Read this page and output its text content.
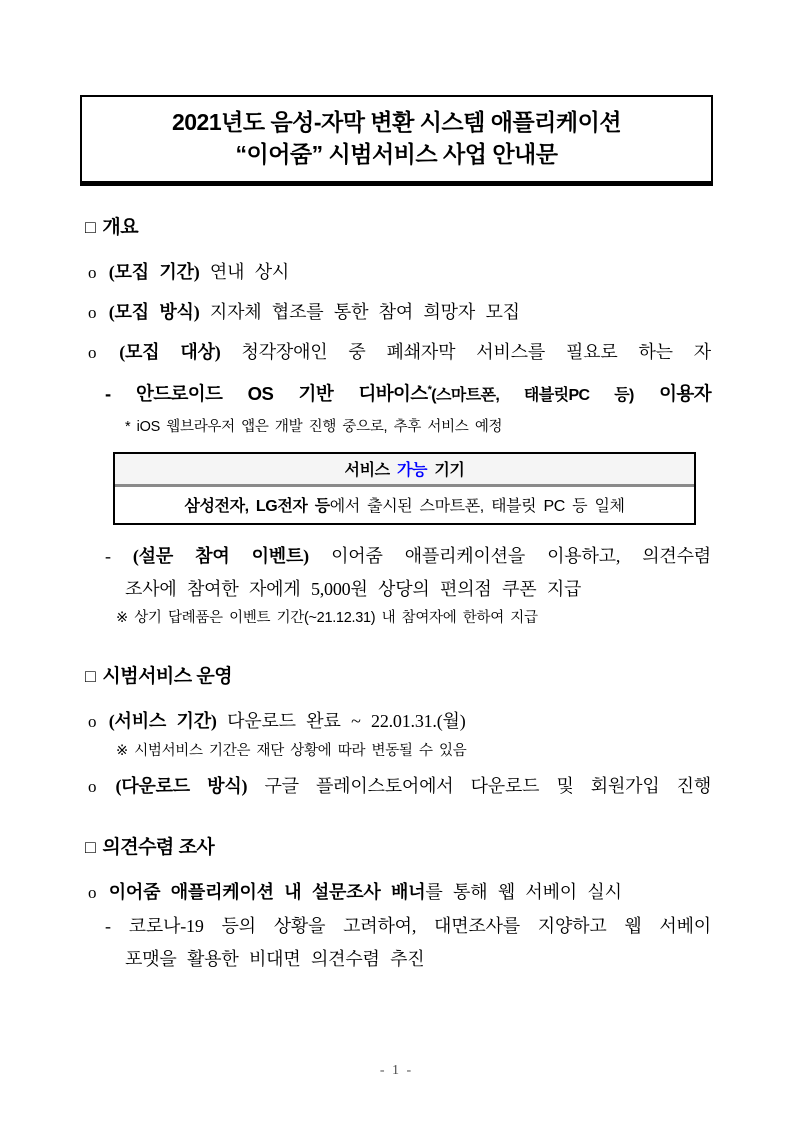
2021년도 음성-자막 변환 시스템 애플리케이션
“이어줌” 시범서비스 사업 안내문
□ 개요
o (모집 기간) 연내 상시
o (모집 방식) 지자체 협조를 통한 참여 희망자 모집
o (모집 대상) 청각장애인 중 폐쇄자막 서비스를 필요로 하는 자
- 안드로이드 OS 기반 디바이스*(스마트폰, 태블릿PC 등) 이용자
* iOS 웹브라우저 앱은 개발 진행 중으로, 추후 서비스 예정
서비스 가능 기기
삼성전자, LG전자 등에서 출시된 스마트폰, 태블릿 PC 등 일체
- (설문 참여 이벤트) 이어줌 애플리케이션을 이용하고, 의견수렴
조사에 참여한 자에게 5,000원 상당의 편의점 쿠폰 지급
※ 상기 답례품은 이벤트 기간(~21.12.31) 내 참여자에 한하여 지급
□ 시범서비스 운영
o (서비스 기간) 다운로드 완료 ~ 22.01.31.(월)
※ 시범서비스 기간은 재단 상황에 따라 변동될 수 있음
o (다운로드 방식) 구글 플레이스토어에서 다운로드 및 회원가입 진행
□ 의견수렴 조사
o 이어줌 애플리케이션 내 설문조사 배너를 통해 웹 서베이 실시
- 코로나-19 등의 상황을 고려하여, 대면조사를 지양하고 웹 서베이
포맷을 활용한 비대면 의견수렴 추진
- 1 -
